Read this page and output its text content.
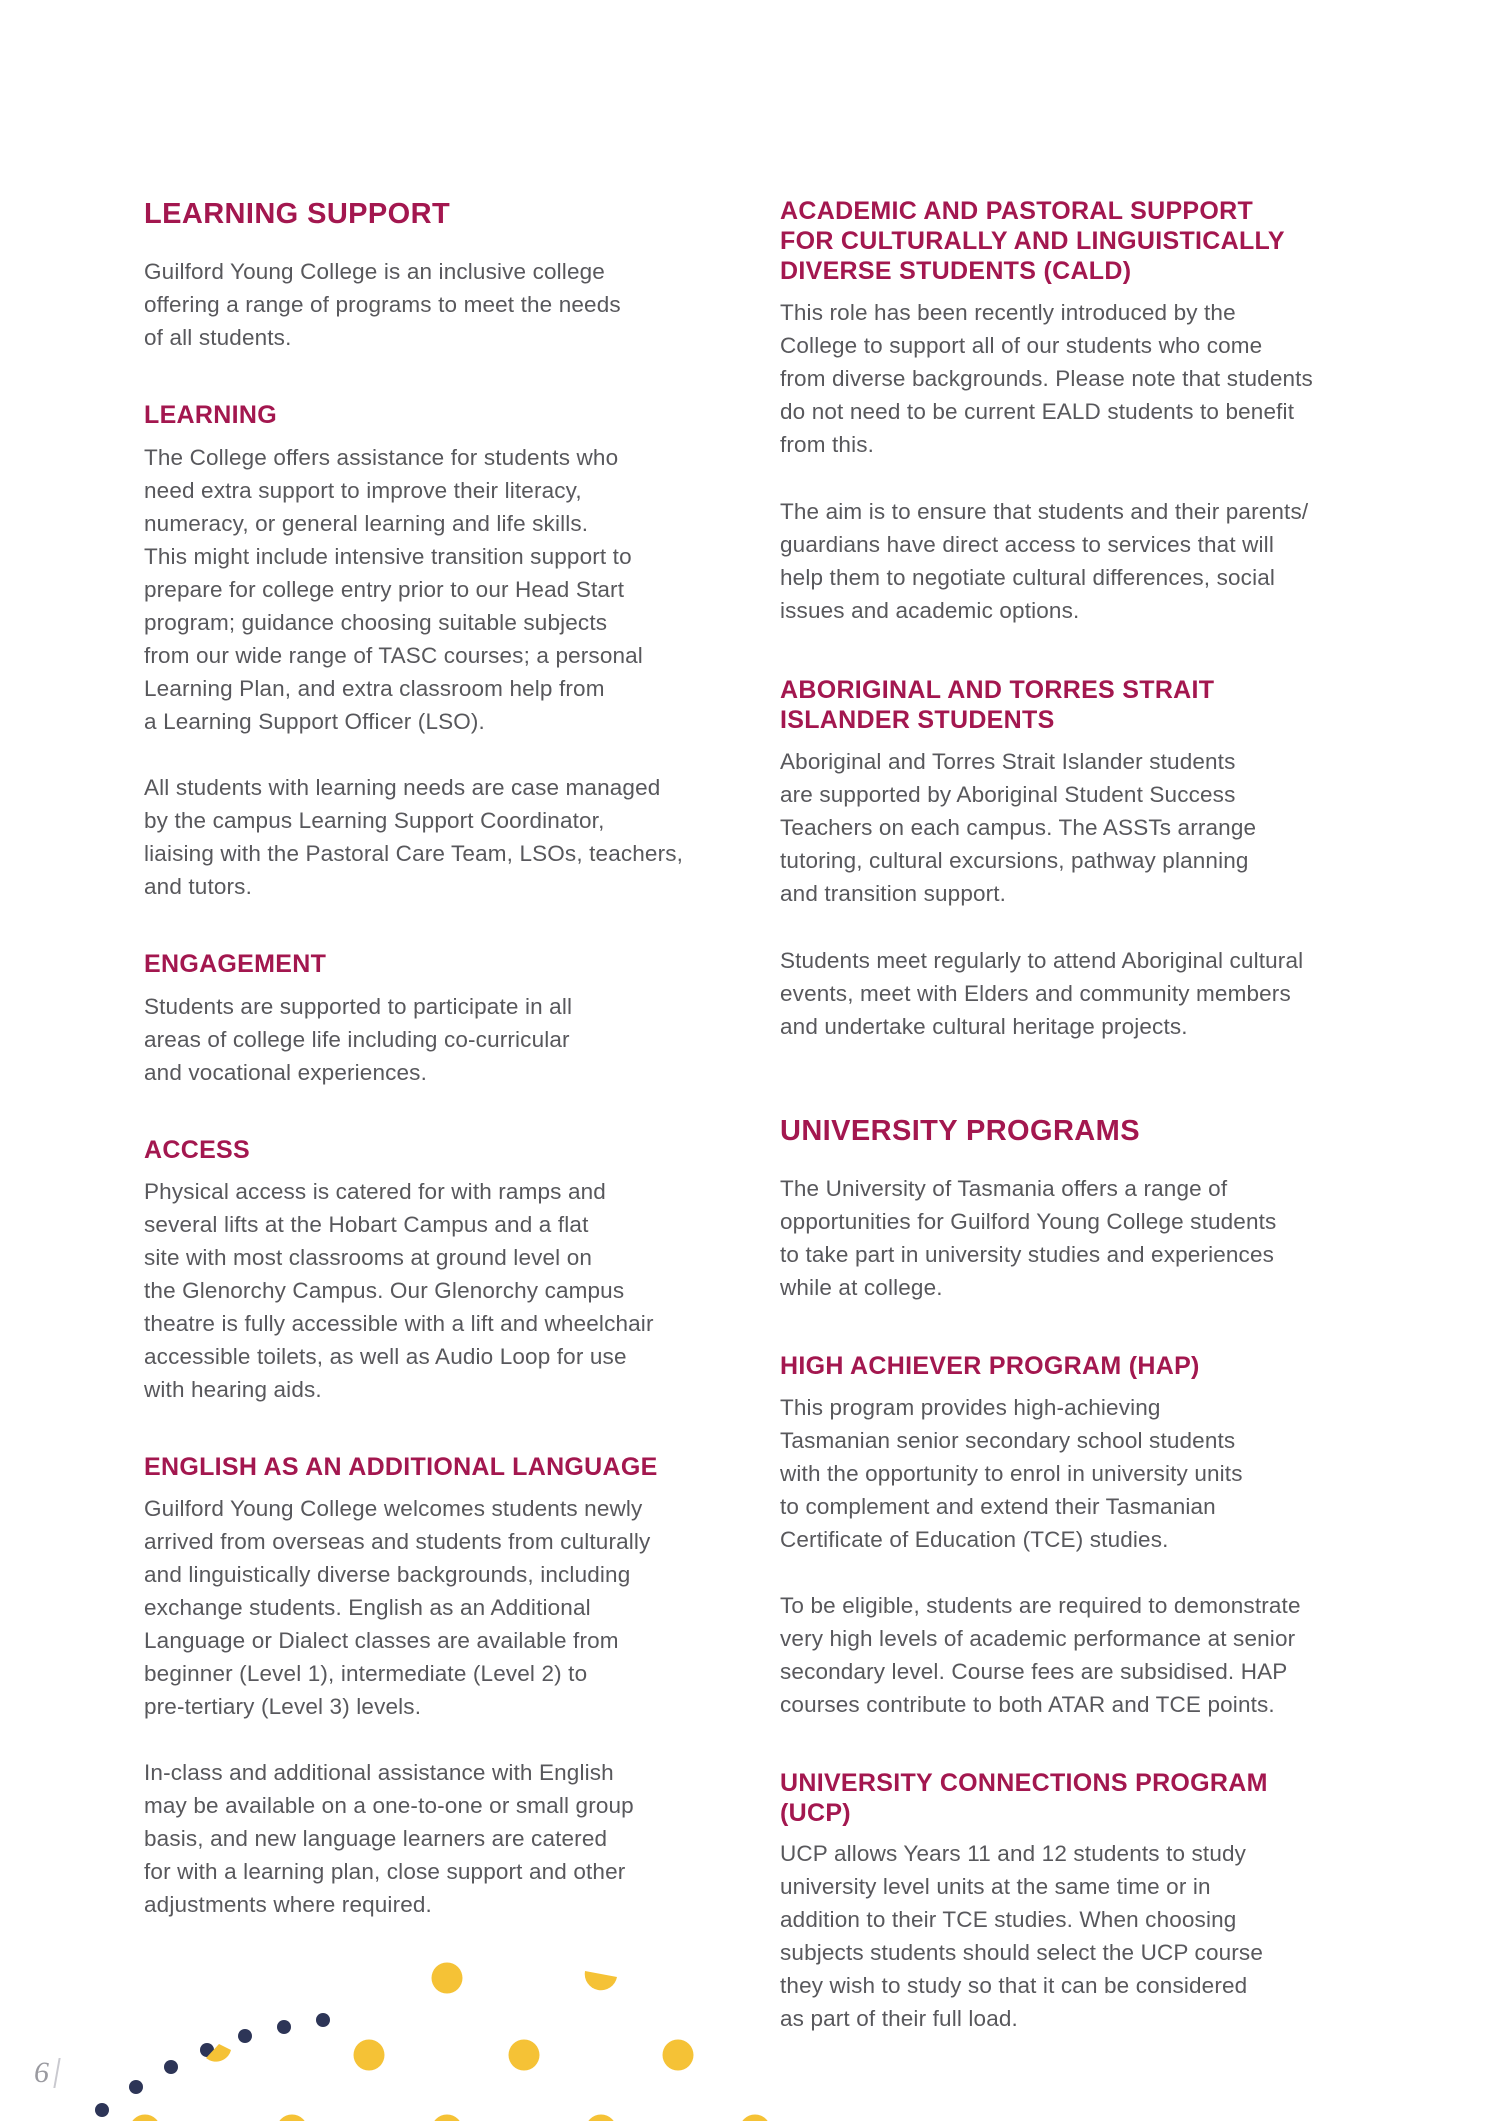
LEARNING SUPPORT

Guilford Young College is an inclusive college
offering a range of programs to meet the needs
of all students.

LEARNING

The College offers assistance for students who
need extra support to improve their literacy,
numeracy, or general learning and life skills.
This might include intensive transition support to
prepare for college entry prior to our Head Start
program; guidance choosing suitable subjects
from our wide range of TASC courses; a personal
Learning Plan, and extra classroom help from
a Learning Support Officer (LSO).

All students with learning needs are case managed
by the campus Learning Support Coordinator,
liaising with the Pastoral Care Team, LSOs, teachers,
and tutors.

ENGAGEMENT

Students are supported to participate in all
areas of college life including co-curricular
and vocational experiences.

ACCESS

Physical access is catered for with ramps and
several lifts at the Hobart Campus and a flat
site with most classrooms at ground level on
the Glenorchy Campus. Our Glenorchy campus
theatre is fully accessible with a lift and wheelchair
accessible toilets, as well as Audio Loop for use
with hearing aids.

ENGLISH AS AN ADDITIONAL LANGUAGE

Guilford Young College welcomes students newly
arrived from overseas and students from culturally
and linguistically diverse backgrounds, including
exchange students. English as an Additional
Language or Dialect classes are available from
beginner (Level 1), intermediate (Level 2) to
pre-tertiary (Level 3) levels.

In-class and additional assistance with English
may be available on a one-to-one or small group
basis, and new language learners are catered
for with a learning plan, close support and other
adjustments where required.

ACADEMIC AND PASTORAL SUPPORT
FOR CULTURALLY AND LINGUISTICALLY
DIVERSE STUDENTS (CALD)

This role has been recently introduced by the
College to support all of our students who come
from diverse backgrounds. Please note that students
do not need to be current EALD students to benefit
from this.

The aim is to ensure that students and their parents/
guardians have direct access to services that will
help them to negotiate cultural differences, social
issues and academic options.

ABORIGINAL AND TORRES STRAIT
ISLANDER STUDENTS

Aboriginal and Torres Strait Islander students
are supported by Aboriginal Student Success
Teachers on each campus. The ASSTs arrange
tutoring, cultural excursions, pathway planning
and transition support.

Students meet regularly to attend Aboriginal cultural
events, meet with Elders and community members
and undertake cultural heritage projects.

UNIVERSITY PROGRAMS

The University of Tasmania offers a range of
opportunities for Guilford Young College students
to take part in university studies and experiences
while at college.

HIGH ACHIEVER PROGRAM (HAP)

This program provides high-achieving
Tasmanian senior secondary school students
with the opportunity to enrol in university units
to complement and extend their Tasmanian
Certificate of Education (TCE) studies.

To be eligible, students are required to demonstrate
very high levels of academic performance at senior
secondary level. Course fees are subsidised. HAP
courses contribute to both ATAR and TCE points.

UNIVERSITY CONNECTIONS PROGRAM
(UCP)

UCP allows Years 11 and 12 students to study
university level units at the same time or in
addition to their TCE studies. When choosing
subjects students should select the UCP course
they wish to study so that it can be considered
as part of their full load.

6
